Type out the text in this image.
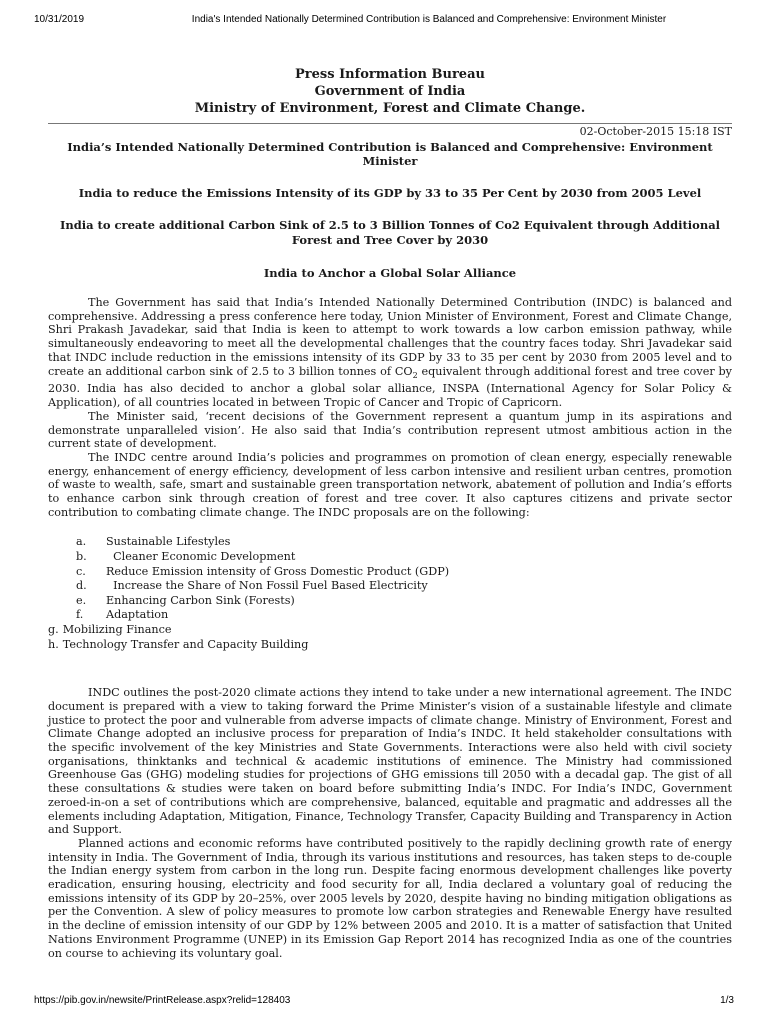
10/31/2019	India's Intended Nationally Determined Contribution is Balanced and Comprehensive: Environment Minister
Press Information Bureau
Government of India
Ministry of Environment, Forest and Climate Change.
02-October-2015 15:18 IST
India’s Intended Nationally Determined Contribution is Balanced and Comprehensive: Environment Minister
India to reduce the Emissions Intensity of its GDP by 33 to 35 Per Cent by 2030 from 2005 Level
India to create additional Carbon Sink of 2.5 to 3 Billion Tonnes of Co2 Equivalent through Additional Forest and Tree Cover by 2030
India to Anchor a Global Solar Alliance

The Government has said that India’s Intended Nationally Determined Contribution (INDC) is balanced and comprehensive. Addressing a press conference here today, Union Minister of Environment, Forest and Climate Change, Shri Prakash Javadekar, said that India is keen to attempt to work towards a low carbon emission pathway, while simultaneously endeavoring to meet all the developmental challenges that the country faces today. Shri Javadekar said that INDC include reduction in the emissions intensity of its GDP by 33 to 35 per cent by 2030 from 2005 level and to create an additional carbon sink of 2.5 to 3 billion tonnes of $CO_2$ equivalent through additional forest and tree cover by 2030. India has also decided to anchor a global solar alliance, INSPA (International Agency for Solar Policy & Application), of all countries located in between Tropic of Cancer and Tropic of Capricorn.

The Minister said, ‘recent decisions of the Government represent a quantum jump in its aspirations and demonstrate unparalleled vision’. He also said that India’s contribution represent utmost ambitious action in the current state of development.

The INDC centre around India’s policies and programmes on promotion of clean energy, especially renewable energy, enhancement of energy efficiency, development of less carbon intensive and resilient urban centres, promotion of waste to wealth, safe, smart and sustainable green transportation network, abatement of pollution and India’s efforts to enhance carbon sink through creation of forest and tree cover. It also captures citizens and private sector contribution to combating climate change. The INDC proposals are on the following:

a.	Sustainable Lifestyles
b.	Cleaner Economic Development
c.	Reduce Emission intensity of Gross Domestic Product (GDP)
d.	Increase the Share of Non Fossil Fuel Based Electricity
e.	Enhancing Carbon Sink (Forests)
f.	Adaptation
g. Mobilizing Finance
h. Technology Transfer and Capacity Building

INDC outlines the post-2020 climate actions they intend to take under a new international agreement. The INDC document is prepared with a view to taking forward the Prime Minister’s vision of a sustainable lifestyle and climate justice to protect the poor and vulnerable from adverse impacts of climate change. Ministry of Environment, Forest and Climate Change adopted an inclusive process for preparation of India’s INDC. It held stakeholder consultations with the specific involvement of the key Ministries and State Governments. Interactions were also held with civil society organisations, thinktanks and technical & academic institutions of eminence. The Ministry had commissioned Greenhouse Gas (GHG) modeling studies for projections of GHG emissions till 2050 with a decadal gap. The gist of all these consultations & studies were taken on board before submitting India’s INDC. For India’s INDC, Government zeroed-in-on a set of contributions which are comprehensive, balanced, equitable and pragmatic and addresses all the elements including Adaptation, Mitigation, Finance, Technology Transfer, Capacity Building and Transparency in Action and Support.

Planned actions and economic reforms have contributed positively to the rapidly declining growth rate of energy intensity in India. The Government of India, through its various institutions and resources, has taken steps to de-couple the Indian energy system from carbon in the long run. Despite facing enormous development challenges like poverty eradication, ensuring housing, electricity and food security for all, India declared a voluntary goal of reducing the emissions intensity of its GDP by 20–25%, over 2005 levels by 2020, despite having no binding mitigation obligations as per the Convention. A slew of policy measures to promote low carbon strategies and Renewable Energy have resulted in the decline of emission intensity of our GDP by 12% between 2005 and 2010. It is a matter of satisfaction that United Nations Environment Programme (UNEP) in its Emission Gap Report 2014 has recognized India as one of the countries on course to achieving its voluntary goal.

https://pib.gov.in/newsite/PrintRelease.aspx?relid=128403	1/3
